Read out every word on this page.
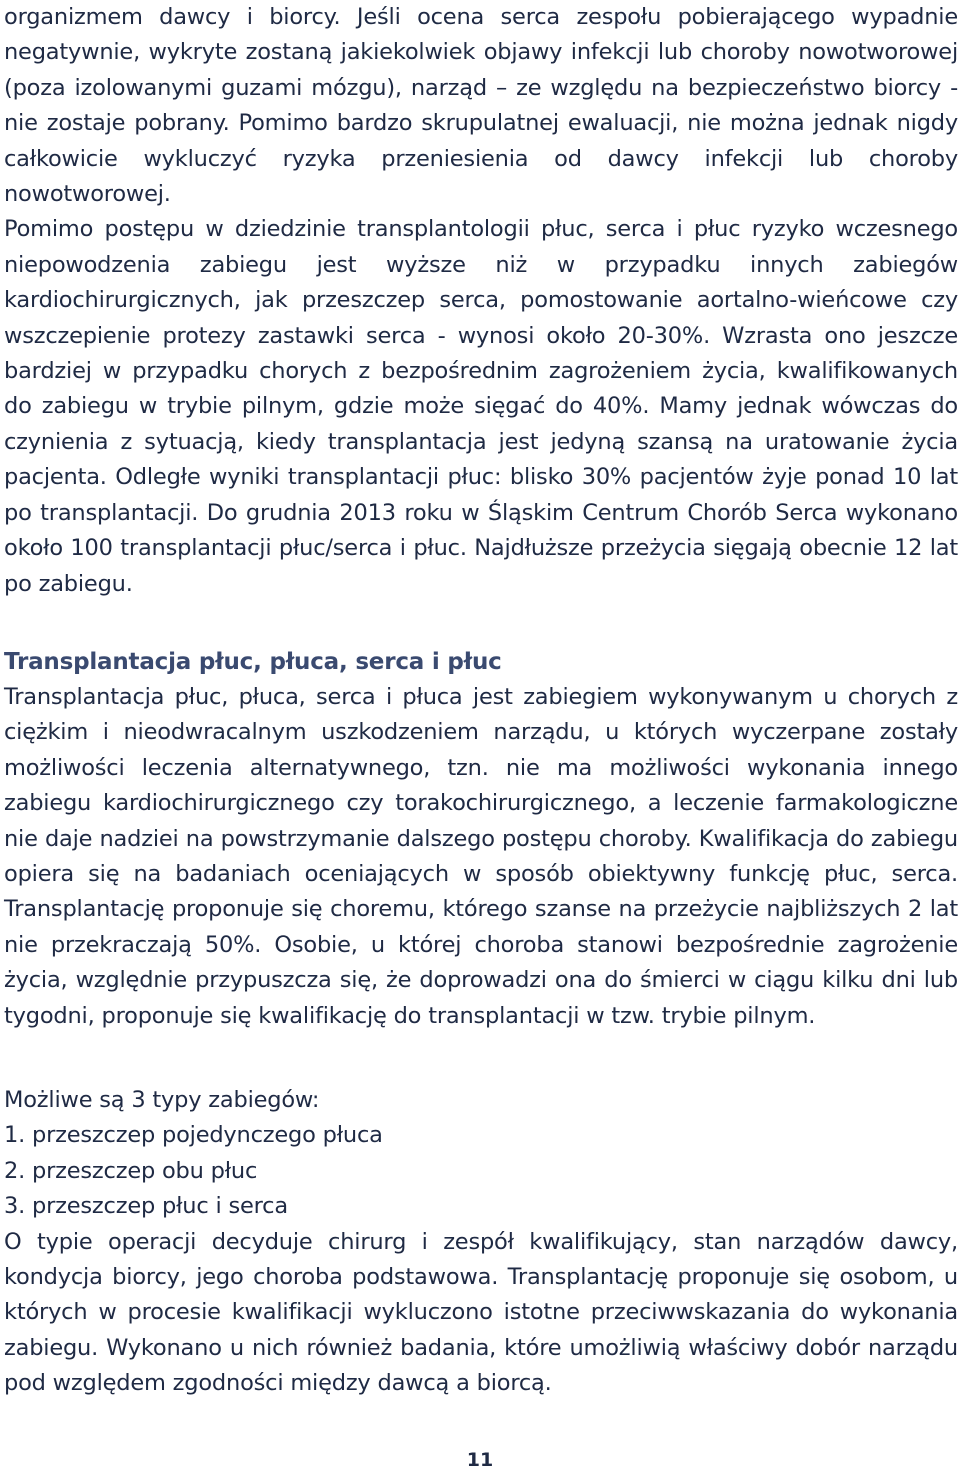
organizmem dawcy i biorcy. Jeśli ocena serca zespołu pobierającego wypadnie negatywnie, wykryte zostaną jakiekolwiek objawy infekcji lub choroby nowotworowej (poza izolowanymi guzami mózgu), narząd – ze względu na bezpieczeństwo biorcy - nie zostaje pobrany. Pomimo bardzo skrupulatnej ewaluacji, nie można jednak nigdy całkowicie wykluczyć ryzyka przeniesienia od dawcy infekcji lub choroby nowotworowej.

Pomimo postępu w dziedzinie transplantologii płuc, serca i płuc ryzyko wczesnego niepowodzenia zabiegu jest wyższe niż w przypadku innych zabiegów kardiochirurgicznych, jak przeszczep serca, pomostowanie aortalno-wieńcowe czy wszczepienie protezy zastawki serca - wynosi około 20-30%. Wzrasta ono jeszcze bardziej w przypadku chorych z bezpośrednim zagrożeniem życia, kwalifikowanych do zabiegu w trybie pilnym, gdzie może sięgać do 40%. Mamy jednak wówczas do czynienia z sytuacją, kiedy transplantacja jest jedyną szansą na uratowanie życia pacjenta. Odległe wyniki transplantacji płuc: blisko 30% pacjentów żyje ponad 10 lat po transplantacji. Do grudnia 2013 roku w Śląskim Centrum Chorób Serca wykonano około 100 transplantacji płuc/serca i płuc. Najdłuższe przeżycia sięgają obecnie 12 lat po zabiegu.

Transplantacja płuc, płuca, serca i płuc

Transplantacja płuc, płuca, serca i płuca jest zabiegiem wykonywanym u chorych z ciężkim i nieodwracalnym uszkodzeniem narządu, u których wyczerpane zostały możliwości leczenia alternatywnego, tzn. nie ma możliwości wykonania innego zabiegu kardiochirurgicznego czy torakochirurgicznego, a leczenie farmakologiczne nie daje nadziei na powstrzymanie dalszego postępu choroby. Kwalifikacja do zabiegu opiera się na badaniach oceniających w sposób obiektywny funkcję płuc, serca. Transplantację proponuje się choremu, którego szanse na przeżycie najbliższych 2 lat nie przekraczają 50%. Osobie, u której choroba stanowi bezpośrednie zagrożenie życia, względnie przypuszcza się, że doprowadzi ona do śmierci w ciągu kilku dni lub tygodni, proponuje się kwalifikację do transplantacji w tzw. trybie pilnym.

Możliwe są 3 typy zabiegów:

1. przeszczep pojedynczego płuca
2. przeszczep obu płuc
3. przeszczep płuc i serca

O typie operacji decyduje chirurg i zespół kwalifikujący, stan narządów dawcy, kondycja biorcy, jego choroba podstawowa. Transplantację proponuje się osobom, u których w procesie kwalifikacji wykluczono istotne przeciwwskazania do wykonania zabiegu. Wykonano u nich również badania, które umożliwią właściwy dobór narządu pod względem zgodności między dawcą a biorcą.

11
